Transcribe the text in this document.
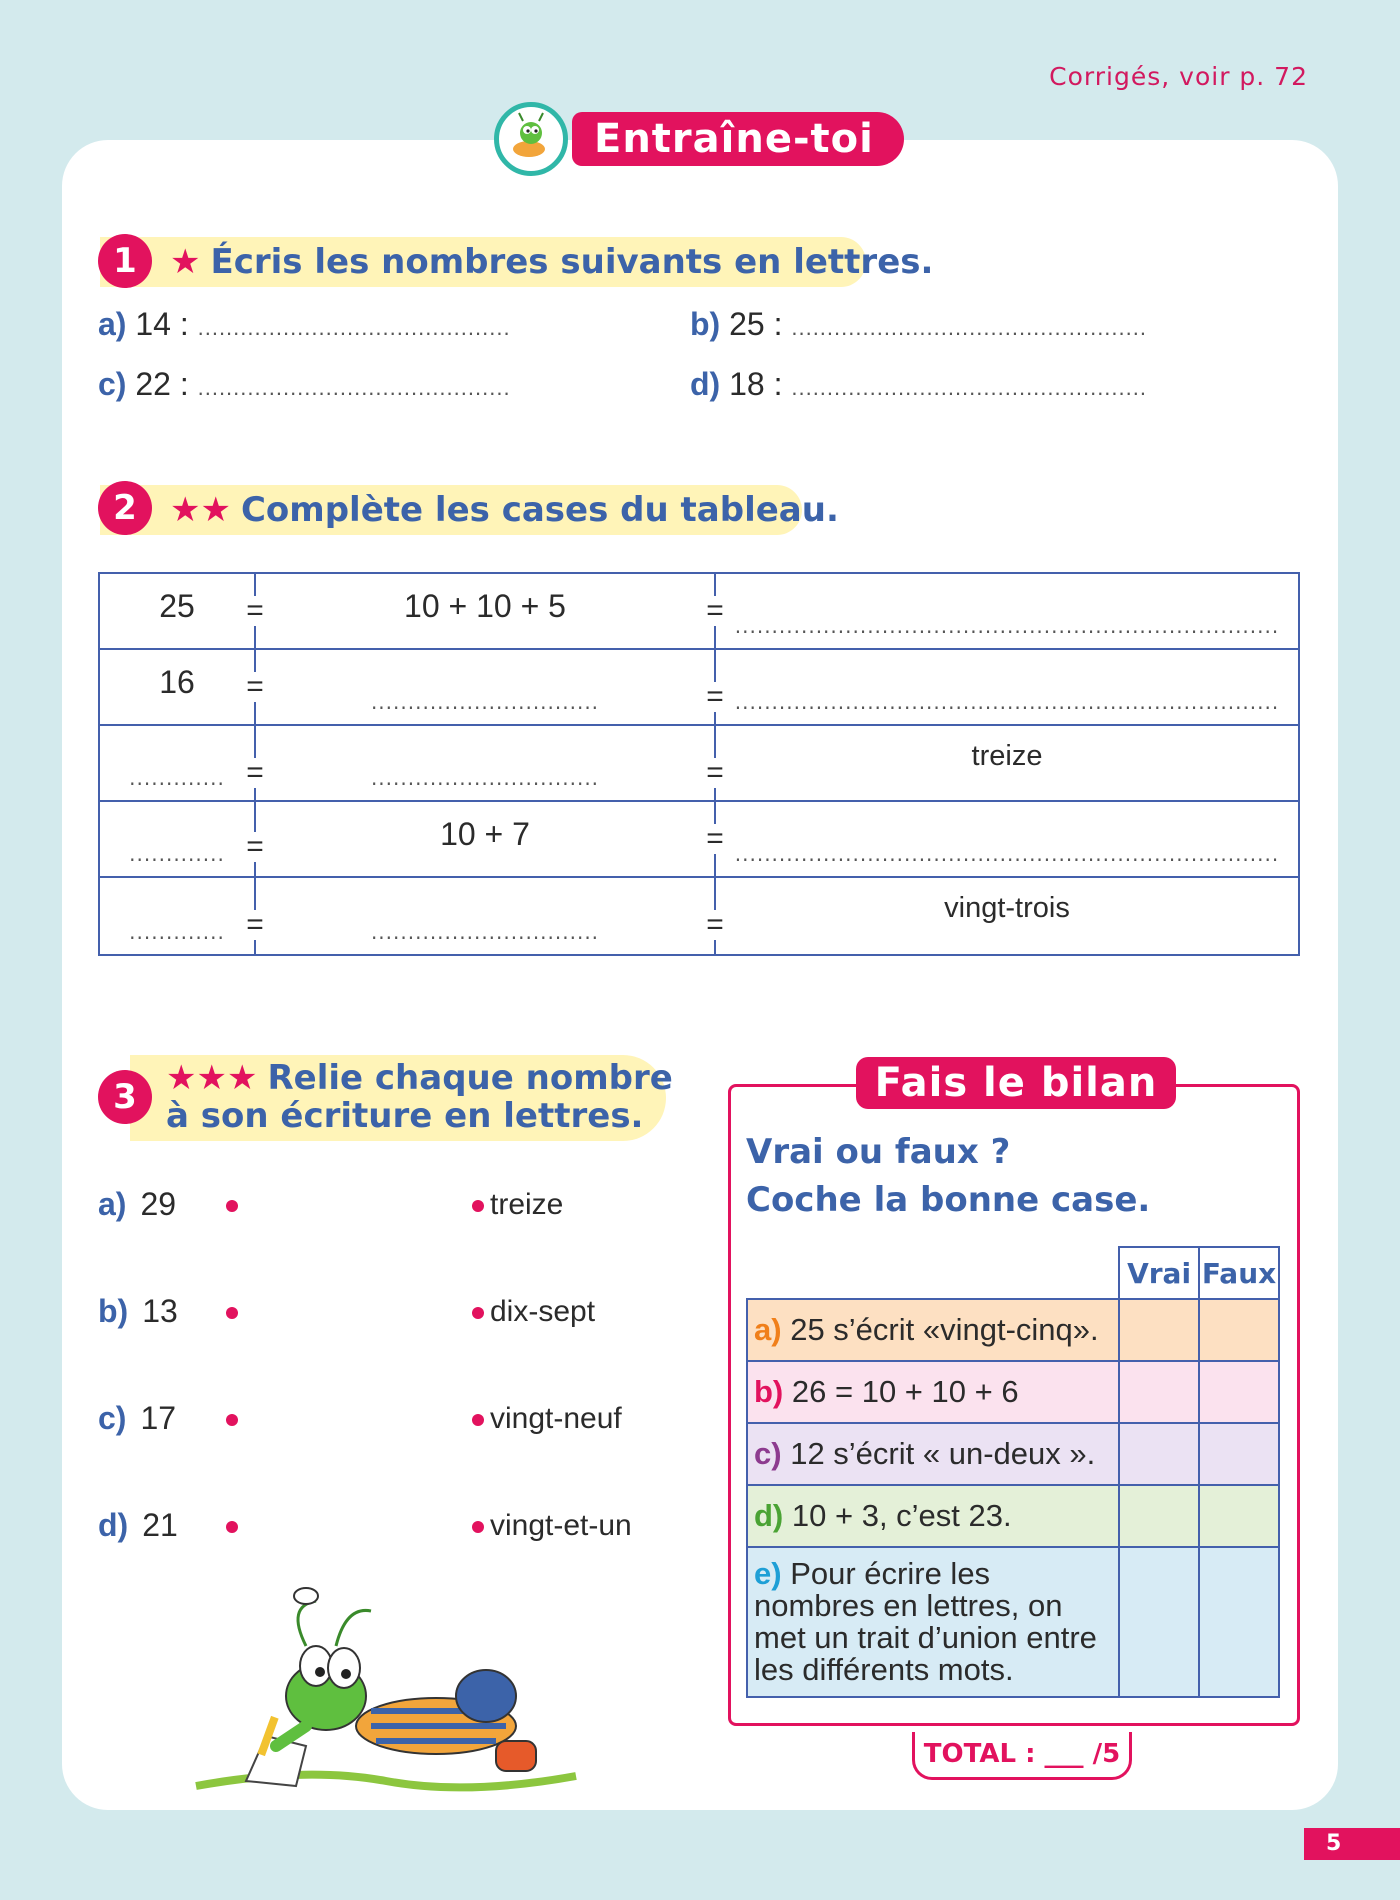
Corrigés, voir p. 72
Entraîne-toi !
★ Écris les nombres suivants en lettres.
1
a) 14 : ............................................	b) 25 : ..................................................
c) 22 : ............................................	d) 18 : ..................................................
★★ Complète les cases du tableau.
2
25	=	10 + 10 + 5	= ..........................................................................
16	=	...............................	= ..........................................................................
............. =	...............................	=	treize
............. =	10 + 7	= ..........................................................................
............. =	...............................	=	vingt-trois
★★★ Relie chaque nombre
à son écriture en lettres.
3
a) 29
b) 13
c) 17
d) 21
treize
dix-sept
vingt-neuf
vingt-et-un
Fais le bilan
Vrai ou faux ?
Coche la bonne case.
	Vrai	Faux
a) 25 s’écrit «vingt-cinq».		
b) 26 = 10 + 10 + 6		
c) 12 s’écrit « un-deux ».		
d) 10 + 3, c’est 23.		
e) Pour écrire les nombres en lettres, on met un trait d’union entre les différents mots.		
TOTAL : ___ /5
5
